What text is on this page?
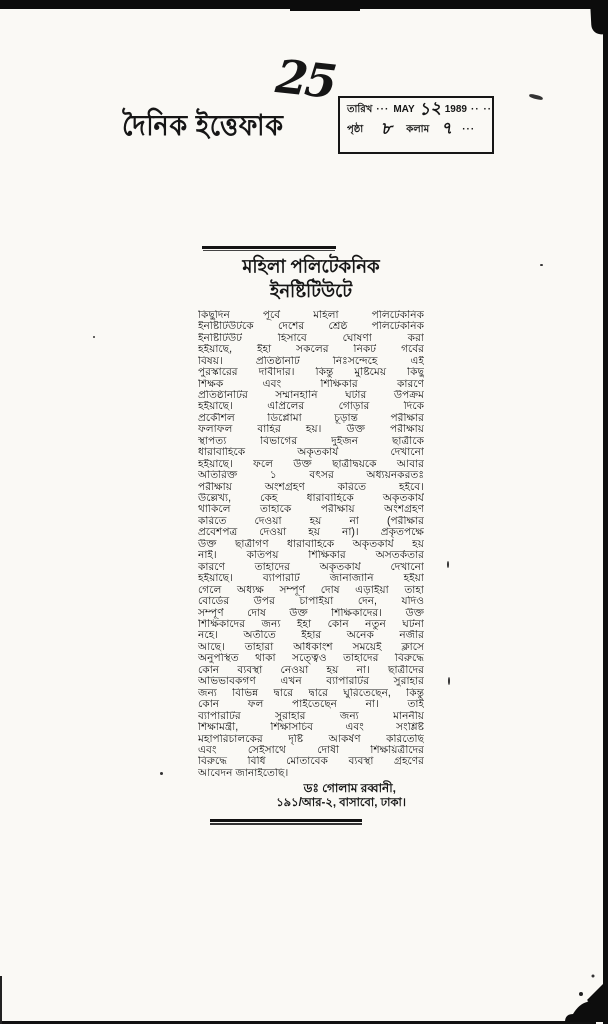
দৈনিক ইত্তেফাক
25
তারিখ ··· MAY ১২ 1989 ·· ··
পৃষ্ঠা ৮ কলাম ৭ ···
মহিলা পলিটেকনিক
ইনষ্টিটিউটে
কিছুদিন পূর্বে মহিলা পলিটেকনিক
ইনষ্টিটিউটকে দেশের শ্রেষ্ঠ পলিটেকনিক
ইনষ্টিটিউট হিসাবে ঘোষণা করা
হইয়াছে, ইহা সকলের নিকট গর্বের
বিষয়। প্রতিষ্ঠানটি নিঃসন্দেহে এই
পুরস্কারের দাবীদার। কিন্তু মুষ্টিমেয় কিছু
শিক্ষক এবং শিক্ষিকার কারণে
প্রতিষ্ঠানটির সম্মানহানি ঘটার উপক্রম
হইয়াছে। এপ্রিলের গোড়ার দিকে
প্রকৌশল ডিপ্লোমা চূড়ান্ত পরীক্ষার
ফলাফল বাহির হয়। উক্ত পরীক্ষায়
স্থাপত্য বিভাগের দুইজন ছাত্রীকে
ধারাবাহিকে অকৃতকার্য দেখানো
হইয়াছে। ফলে উক্ত ছাত্রীদ্বয়কে আবার
অতিরিক্ত ১ বৎসর অধ্যয়নকরতঃ
পরীক্ষায় অংশগ্রহণ করিতে হইবে।
উল্লেখ্য, কেহ ধারাবাহিকে অকৃতকার্য
থাকিলে তাহাকে পরীক্ষায় অংশগ্রহণ
করিতে দেওয়া হয় না (পরীক্ষার
প্রবেশপত্র দেওয়া হয় না)। প্রকৃতপক্ষে
উক্ত ছাত্রীগণ ধারাবাহিকে অকৃতকার্য হয়
নাই। কতিপয় শিক্ষিকার অসতর্কতার
কারণে তাহাদের অকৃতকার্য দেখানো
হইয়াছে। ব্যাপারটি জানাজানি হইয়া
গেলে অধ্যক্ষ সম্পূর্ণ দোষ এড়াইয়া তাহা
বোর্ডের উপর চাপাইয়া দেন, যদিও
সম্পূর্ণ দোষ উক্ত শিক্ষিকাদের। উক্ত
শিক্ষিকাদের জন্য ইহা কোন নতুন ঘটনা
নহে। অতীতে ইহার অনেক নজীর
আছে। তাহারা অধিকাংশ সময়েই ক্লাসে
অনুপস্থিত থাকা সত্ত্বেও তাহাদের বিরুদ্ধে
কোন ব্যবস্থা নেওয়া হয় না। ছাত্রীদের
অভিভাবকগণ এখন ব্যাপারটির সুরাহার
জন্য বিভিন্ন দ্বারে দ্বারে ঘুরিতেছেন, কিন্তু
কোন ফল পাইতেছেন না। তাই
ব্যাপারটির সুরাহার জন্য মাননীয়
শিক্ষামন্ত্রী, শিক্ষাসচিব এবং সংশ্লিষ্ট
মহাপরিচালকের দৃষ্টি আকর্ষণ করিতেছি
এবং সেইসাথে দোষী শিক্ষয়িত্রীদের
বিরুদ্ধে বিধি মোতাবেক ব্যবস্থা গ্রহণের
আবেদন জানাইতেছি।
ডঃ গোলাম রব্বানী,
১৯১/আর-২, বাসাবো, ঢাকা।
